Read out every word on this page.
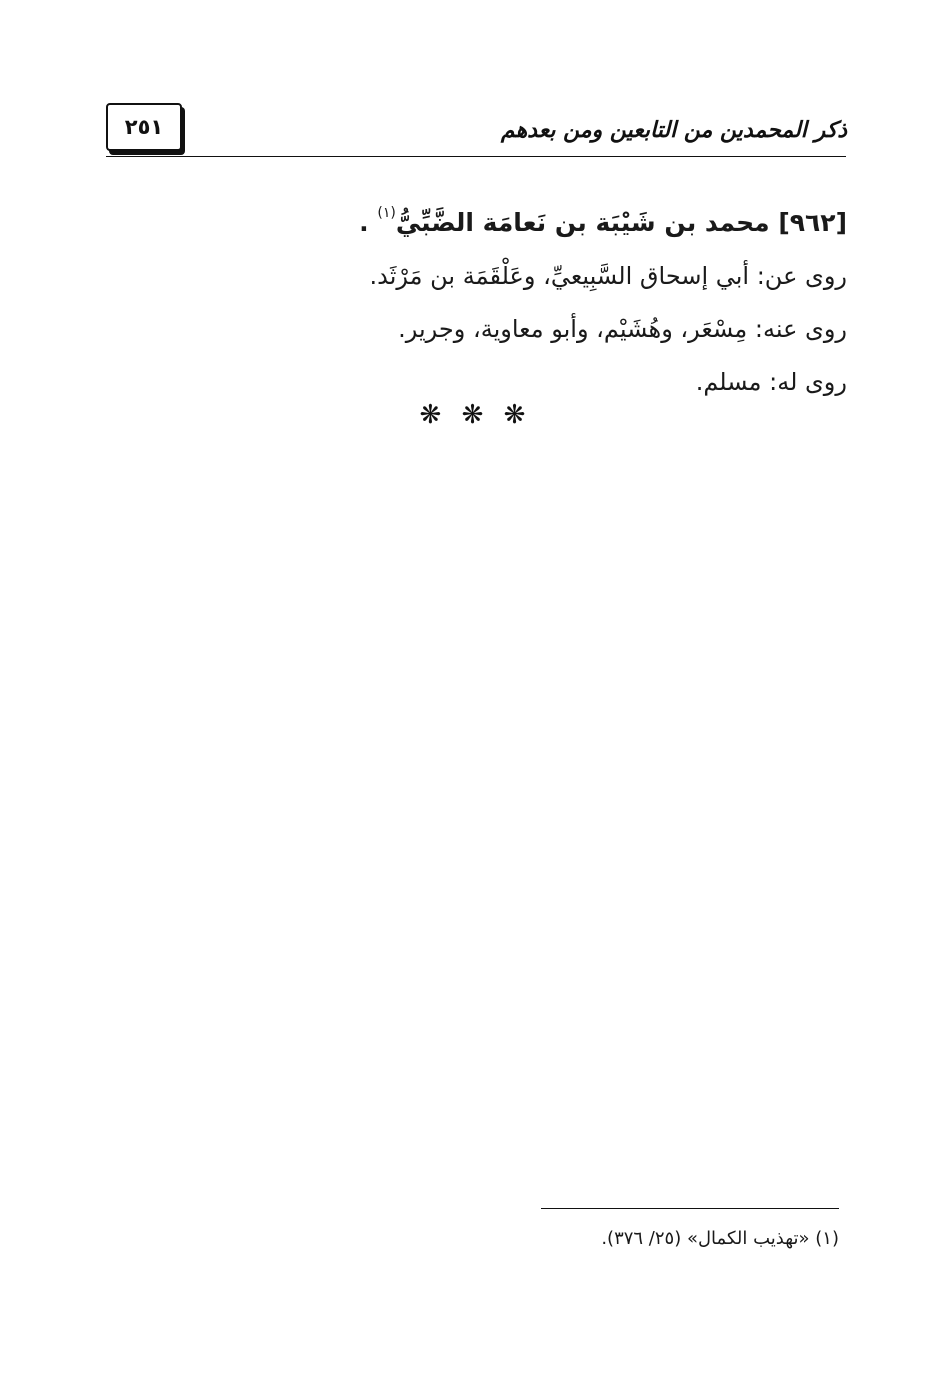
٢٥١	ذكر المحمدين من التابعين ومن بعدهم
[٩٦٢] محمد بن شَيْبَة بن نَعامَة الضَّبِّيُّ$^{(١)}$ .
روى عن: أبي إسحاق السَّبِيعيِّ، وعَلْقَمَة بن مَرْثَد.
روى عنه: مِسْعَر، وهُشَيْم، وأبو معاوية، وجرير.
روى له: مسلم.
❋ ❋ ❋
(١) «تهذيب الكمال» (٢٥/ ٣٧٦).
